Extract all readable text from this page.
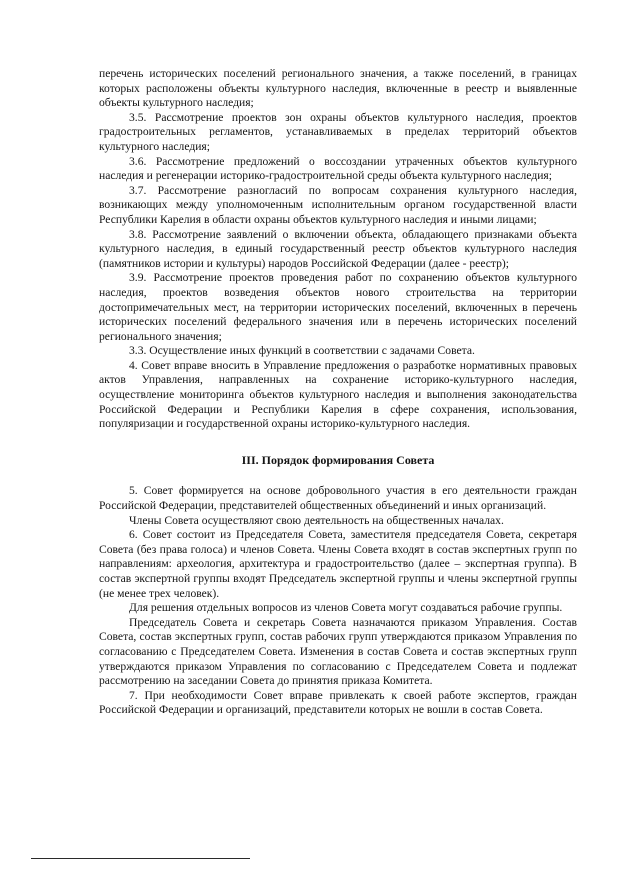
перечень исторических поселений регионального значения, а также поселений, в границах которых расположены объекты культурного наследия, включенные в реестр и выявленные объекты культурного наследия;

3.5. Рассмотрение проектов зон охраны объектов культурного наследия, проектов градостроительных регламентов, устанавливаемых в пределах территорий объектов культурного наследия;

3.6. Рассмотрение предложений о воссоздании утраченных объектов культурного наследия и регенерации историко-градостроительной среды объекта культурного наследия;

3.7. Рассмотрение разногласий по вопросам сохранения культурного наследия, возникающих между уполномоченным исполнительным органом государственной власти Республики Карелия в области охраны объектов культурного наследия и иными лицами;

3.8. Рассмотрение заявлений о включении объекта, обладающего признаками объекта культурного наследия, в единый государственный реестр объектов культурного наследия (памятников истории и культуры) народов Российской Федерации (далее - реестр);

3.9. Рассмотрение проектов проведения работ по сохранению объектов культурного наследия, проектов возведения объектов нового строительства на территории достопримечательных мест, на территории исторических поселений, включенных в перечень исторических поселений федерального значения или в перечень исторических поселений регионального значения;

3.3. Осуществление иных функций в соответствии с задачами Совета.

4. Совет вправе вносить в Управление предложения о разработке нормативных правовых актов Управления, направленных на сохранение историко-культурного наследия, осуществление мониторинга объектов культурного наследия и выполнения законодательства Российской Федерации и Республики Карелия в сфере сохранения, использования, популяризации и государственной охраны историко-культурного наследия.

III. Порядок формирования Совета

5. Совет формируется на основе добровольного участия в его деятельности граждан Российской Федерации, представителей общественных объединений и иных организаций.

Члены Совета осуществляют свою деятельность на общественных началах.

6. Совет состоит из Председателя Совета, заместителя председателя Совета, секретаря Совета (без права голоса) и членов Совета. Члены Совета входят в состав экспертных групп по направлениям: археология, архитектура и градостроительство (далее – экспертная группа). В состав экспертной группы входят Председатель экспертной группы и члены экспертной группы (не менее трех человек).

Для решения отдельных вопросов из членов Совета могут создаваться рабочие группы.

Председатель Совета и секретарь Совета назначаются приказом Управления. Состав Совета, состав экспертных групп, состав рабочих групп утверждаются приказом Управления по согласованию с Председателем Совета. Изменения в состав Совета и состав экспертных групп утверждаются приказом Управления по согласованию с Председателем Совета и подлежат рассмотрению на заседании Совета до принятия приказа Комитета.

7. При необходимости Совет вправе привлекать к своей работе экспертов, граждан Российской Федерации и организаций, представители которых не вошли в состав Совета.
